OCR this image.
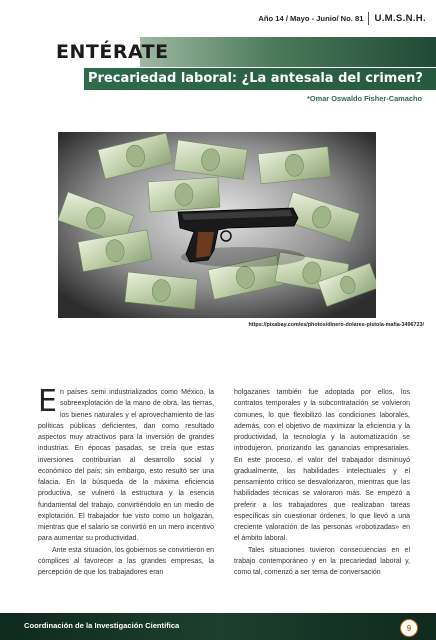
Año 14 / Mayo - Junio/ No. 81	U.M.S.N.H.
ENTÉRATE
Precariedad laboral: ¿La antesala del crimen?
*Omar Oswaldo Fisher-Camacho
https://pixabay.com/es/photos/dinero-dolares-pistola-mafia-3496723/

En países semi industrializados como México, la sobreexplotación de la mano de obra, las tierras, los bienes naturales y el aprovechamiento de las políticas públicas deficientes, dan como resultado aspectos muy atractivos para la inversión de grandes industrias. En épocas pasadas, se creía que estas inversiones contribuirían al desarrollo social y económico del país; sin embargo, esto resultó ser una falacia. En la búsqueda de la máxima eficiencia productiva, se vulneró la estructura y la esencia fundamental del trabajo, convirtiéndolo en un medio de explotación. El trabajador fue visto como un holgazán, mientras que el salario se convirtió en un mero incentivo para aumentar su productividad.

Ante esta situación, los gobiernos se convirtieron en cómplices al favorecer a las grandes empresas, la percepción de que los trabajadores eran

holgazanes también fue adoptada por ellos, los contratos temporales y la subcontratación se volvieron comunes, lo que flexibilizó las condiciones laborales, además, con el objetivo de maximizar la eficiencia y la productividad, la tecnología y la automatización se introdujeron, priorizando las ganancias empresariales. En este proceso, el valor del trabajador disminuyó gradualmente, las habilidades intelectuales y el pensamiento crítico se desvalorizaron, mientras que las habilidades técnicas se valoraron más. Se empezó a preferir a los trabajadores que realizaban tareas específicas sin cuestionar órdenes, lo que llevó a una creciente valoración de las personas «robotizadas» en el ámbito laboral.

Tales situaciones tuvieron consecuencias en el trabajo contemporáneo y en la precariedad laboral y, como tal, comenzó a ser tema de conversación

Coordinación de la Investigación Científica	9
